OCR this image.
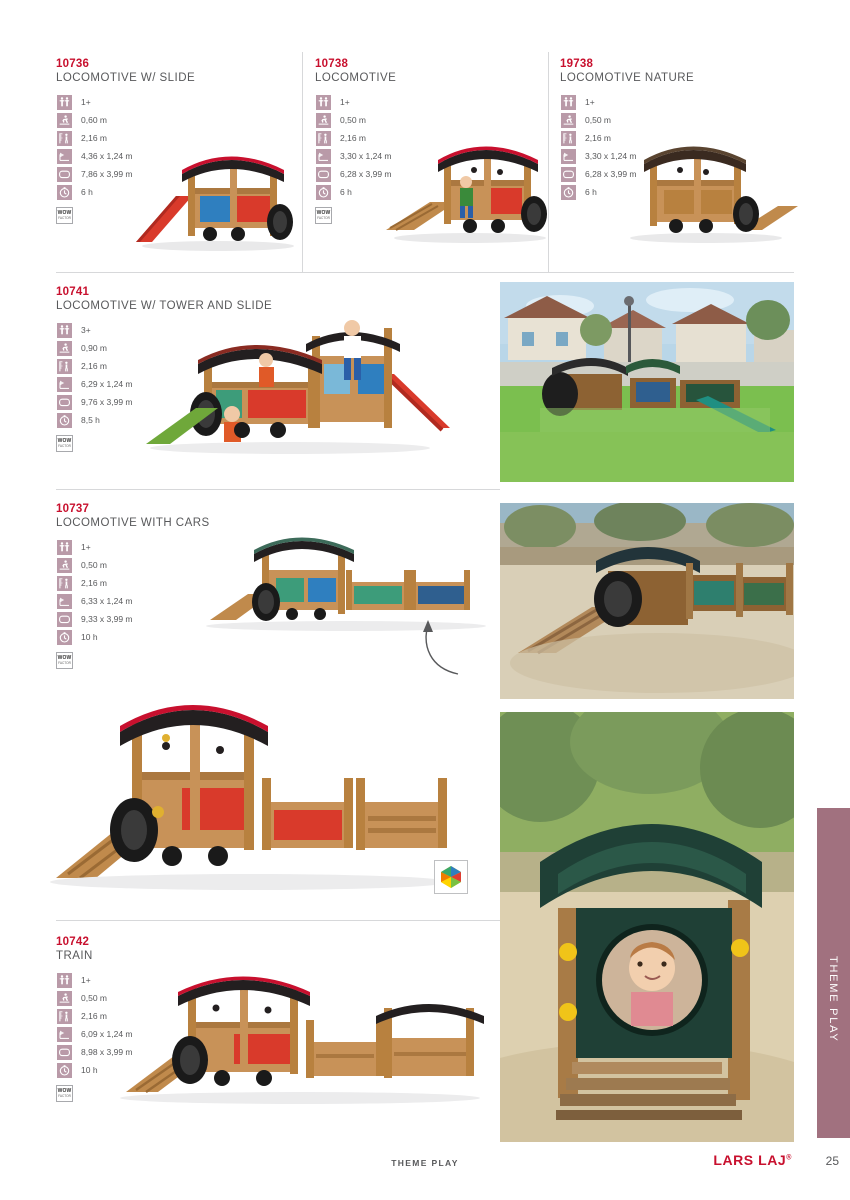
10736
LOCOMOTIVE W/ SLIDE
1+
0,60 m
2,16 m
4,36 x 1,24 m
7,86 x 3,99 m
6 h
WOW
FACTOR
10738
LOCOMOTIVE
1+
0,50 m
2,16 m
3,30 x 1,24 m
6,28 x 3,99 m
6 h
WOW
FACTOR
19738
LOCOMOTIVE NATURE
1+
0,50 m
2,16 m
3,30 x 1,24 m
6,28 x 3,99 m
6 h
10741
LOCOMOTIVE W/ TOWER AND SLIDE
3+
0,90 m
2,16 m
6,29 x 1,24 m
9,76 x 3,99 m
8,5 h
WOW
FACTOR
10737
LOCOMOTIVE WITH CARS
1+
0,50 m
2,16 m
6,33 x 1,24 m
9,33 x 3,99 m
10 h
WOW
FACTOR
10742
TRAIN
1+
0,50 m
2,16 m
6,09 x 1,24 m
8,98 x 3,99 m
10 h
WOW
FACTOR
THEME PLAY
THEME PLAY	LARS LAJ®	25
